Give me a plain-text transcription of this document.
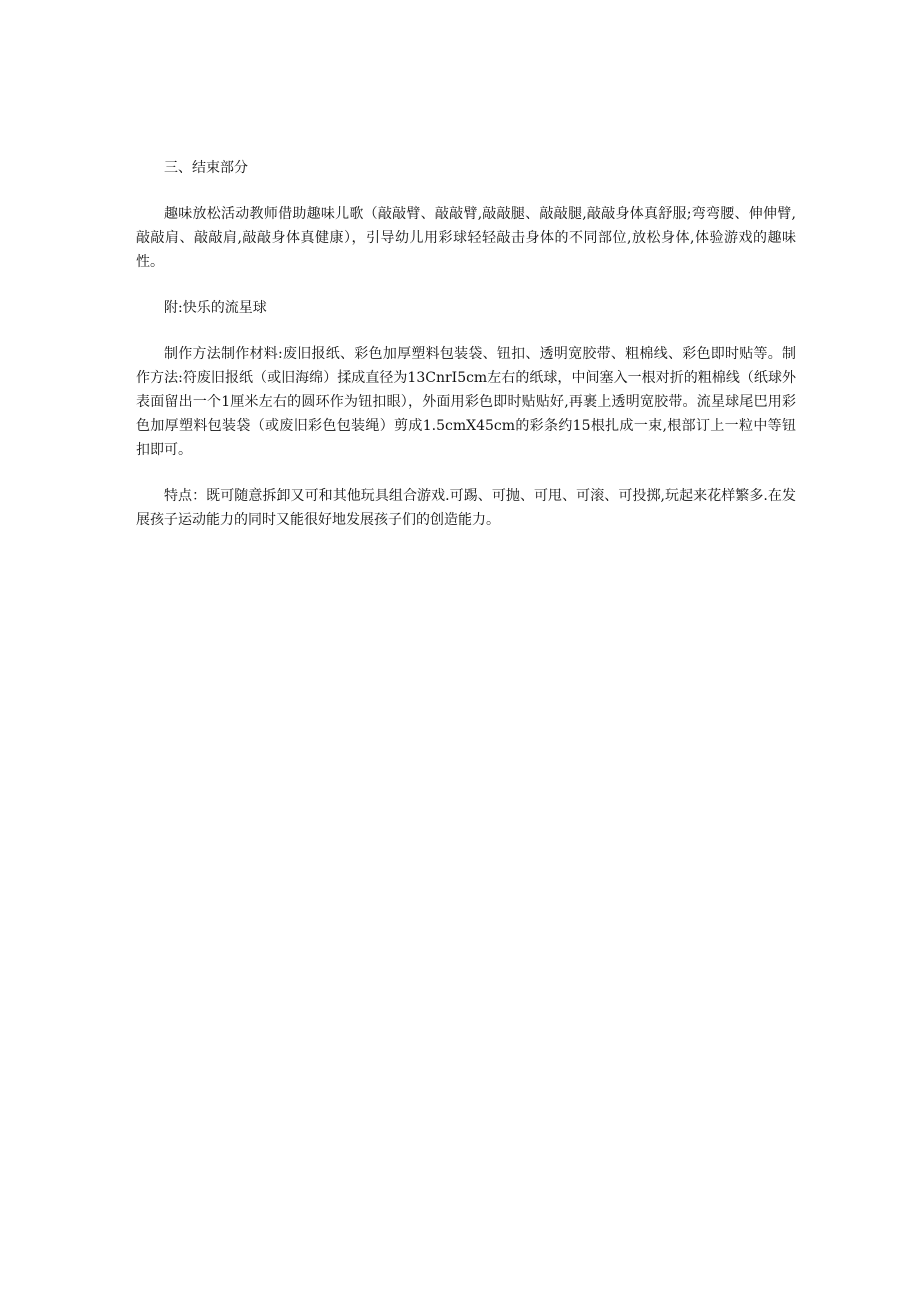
三、结束部分

趣味放松活动教师借助趣味儿歌（敲敲臂、敲敲臂,敲敲腿、敲敲腿,敲敲身体真舒服;弯弯腰、伸伸臂,敲敲肩、敲敲肩,敲敲身体真健康），引导幼儿用彩球轻轻敲击身体的不同部位,放松身体,体验游戏的趣味性。

附:快乐的流星球

制作方法制作材料:废旧报纸、彩色加厚塑料包装袋、钮扣、透明宽胶带、粗棉线、彩色即时贴等。制作方法:符废旧报纸（或旧海绵）揉成直径为13CnrI5cm左右的纸球，中间塞入一根对折的粗棉线（纸球外表面留出一个1厘米左右的圆环作为钮扣眼），外面用彩色即时贴贴好,再裹上透明宽胶带。流星球尾巴用彩色加厚塑料包装袋（或废旧彩色包装绳）剪成1.5cmX45cm的彩条约15根扎成一束,根部订上一粒中等钮扣即可。

特点：既可随意拆卸又可和其他玩具组合游戏.可踢、可抛、可甩、可滚、可投掷,玩起来花样繁多.在发展孩子运动能力的同时又能很好地发展孩子们的创造能力。
